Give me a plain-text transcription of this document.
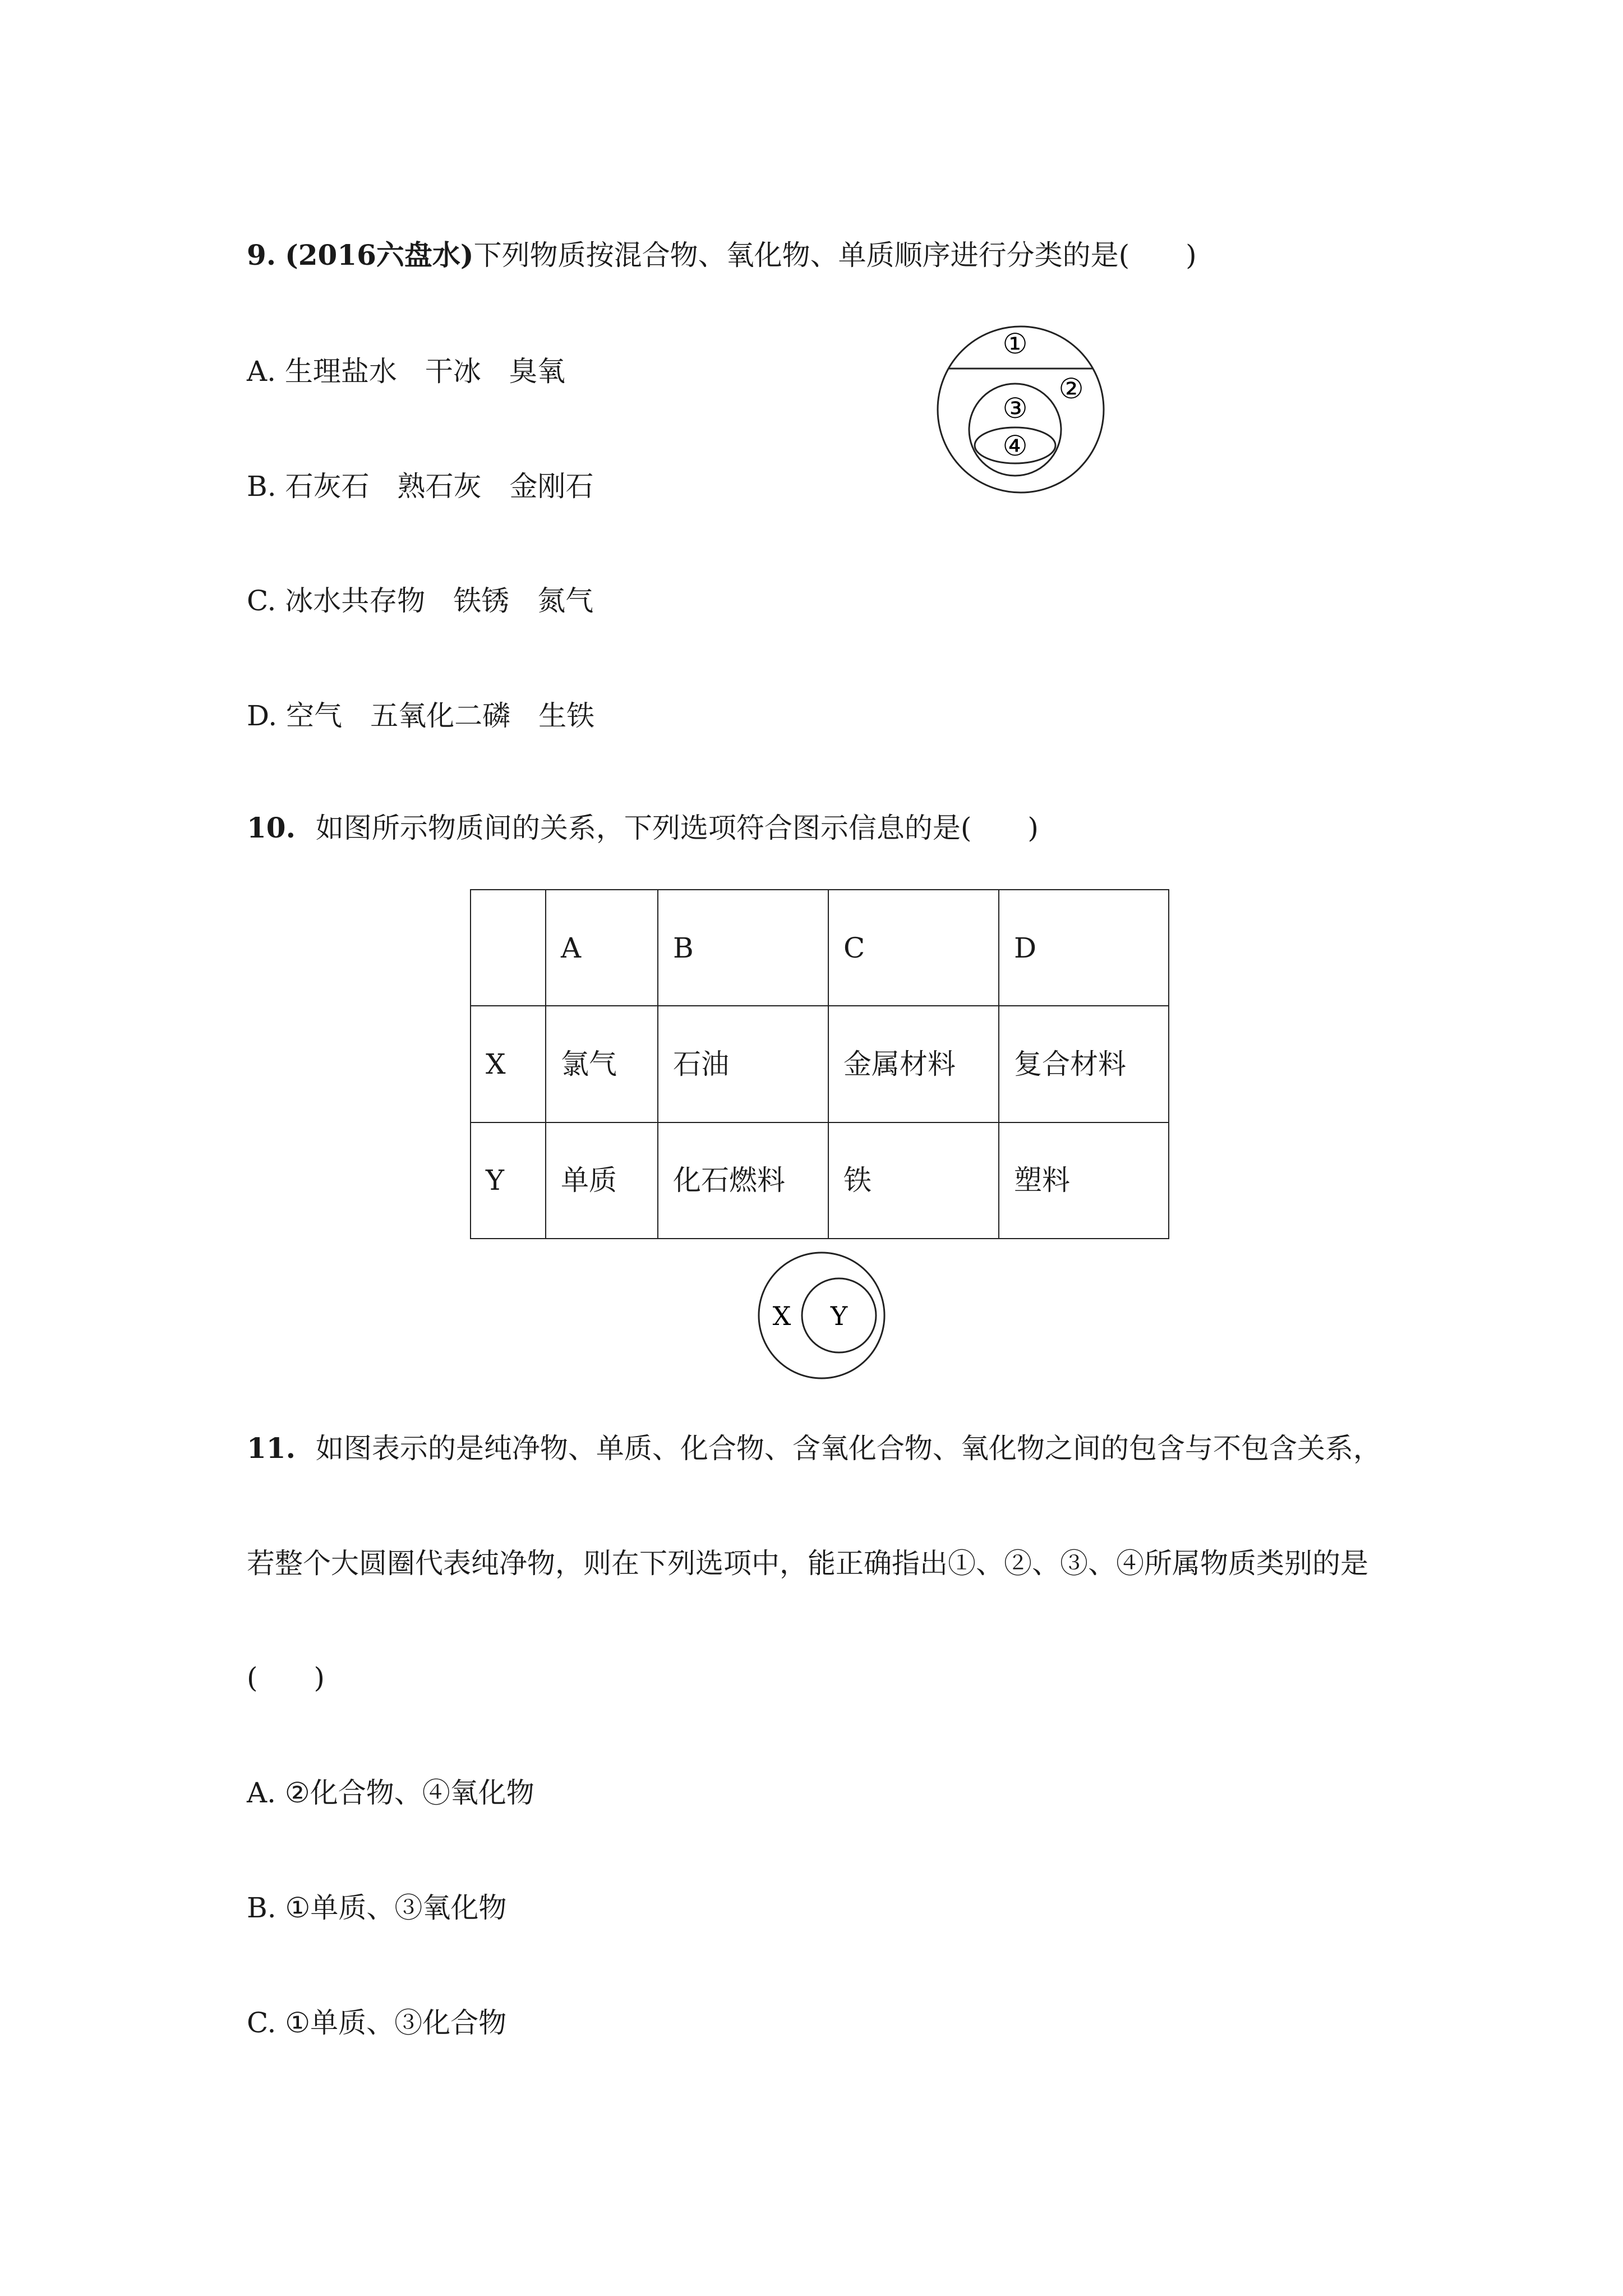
9. (2016六盘水)下列物质按混合物、氧化物、单质顺序进行分类的是(　　)
A. 生理盐水　干冰　臭氧
B. 石灰石　熟石灰　金刚石
C. 冰水共存物　铁锈　氮气
D. 空气　五氧化二磷　生铁
①
②
③
④
10. 如图所示物质间的关系，下列选项符合图示信息的是(　　)
	A	B	C	D
X	氯气	石油	金属材料	复合材料
Y	单质	化石燃料	铁	塑料
X Y
11. 如图表示的是纯净物、单质、化合物、含氧化合物、氧化物之间的包含与不包含关系，
若整个大圆圈代表纯净物，则在下列选项中，能正确指出①、②、③、④所属物质类别的是
(　　)
A. ②化合物、④氧化物
B. ①单质、③氧化物
C. ①单质、③化合物
